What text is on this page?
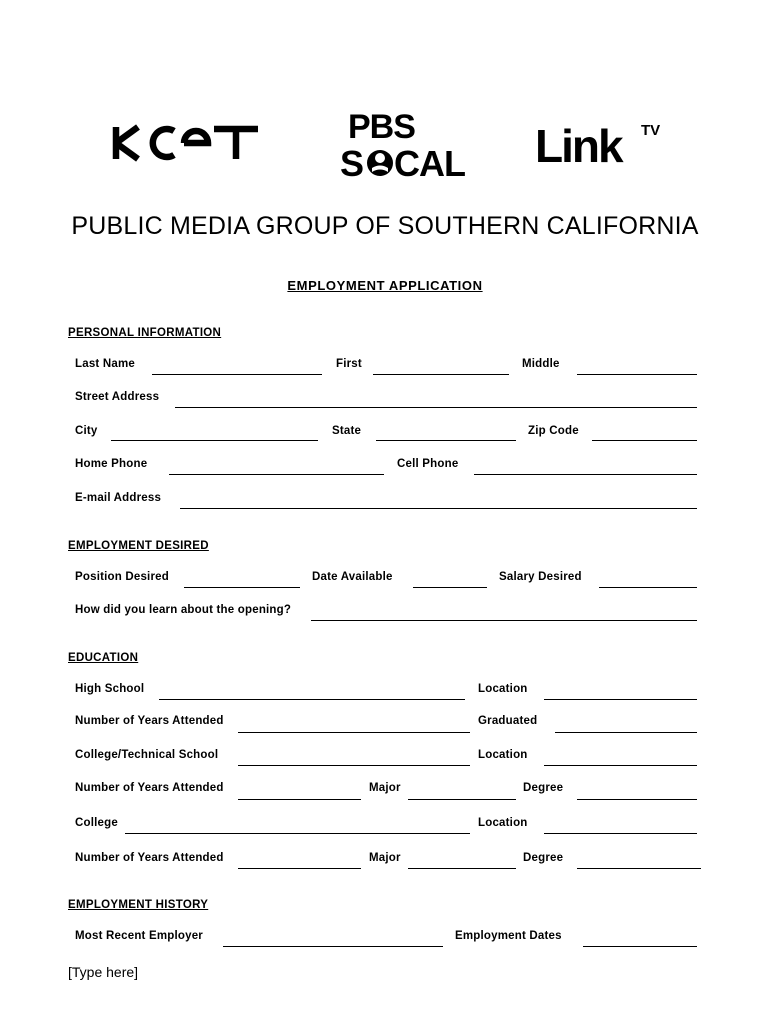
PBS
S CAL Link TV
PUBLIC MEDIA GROUP OF SOUTHERN CALIFORNIA
EMPLOYMENT APPLICATION
PERSONAL INFORMATION
Last Name	First	Middle
Street Address
City	State	Zip Code
Home Phone	Cell Phone
E-mail Address
EMPLOYMENT DESIRED
Position Desired	Date Available	Salary Desired
How did you learn about the opening?
EDUCATION
High School	Location
Number of Years Attended	Graduated
College/Technical School	Location
Number of Years Attended	Major	Degree
College	Location
Number of Years Attended	Major	Degree
EMPLOYMENT HISTORY
Most Recent Employer	Employment Dates
[Type here]
